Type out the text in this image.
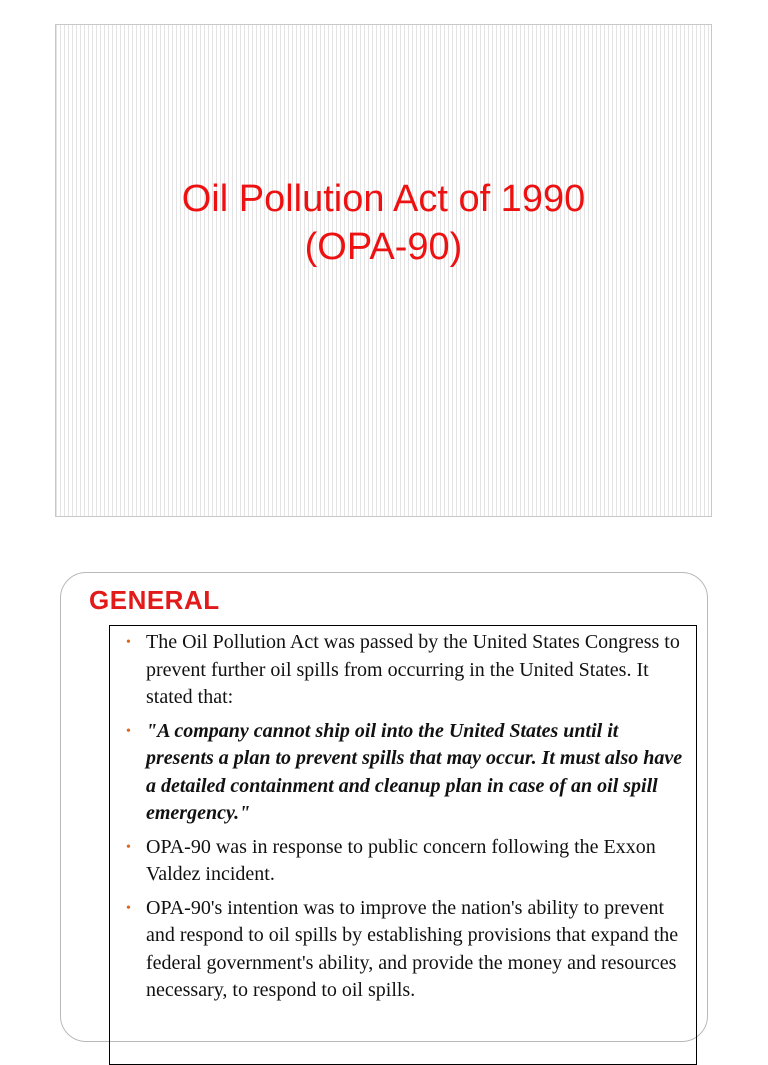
Oil Pollution Act of 1990
(OPA-90)
GENERAL
• The Oil Pollution Act was passed by the United States Congress to prevent further oil spills from occurring in the United States. It stated that:
• "A company cannot ship oil into the United States until it presents a plan to prevent spills that may occur. It must also have a detailed containment and cleanup plan in case of an oil spill emergency."
• OPA-90 was in response to public concern following the Exxon Valdez incident.
• OPA-90's intention was to improve the nation's ability to prevent and respond to oil spills by establishing provisions that expand the federal government's ability, and provide the money and resources necessary, to respond to oil spills.
